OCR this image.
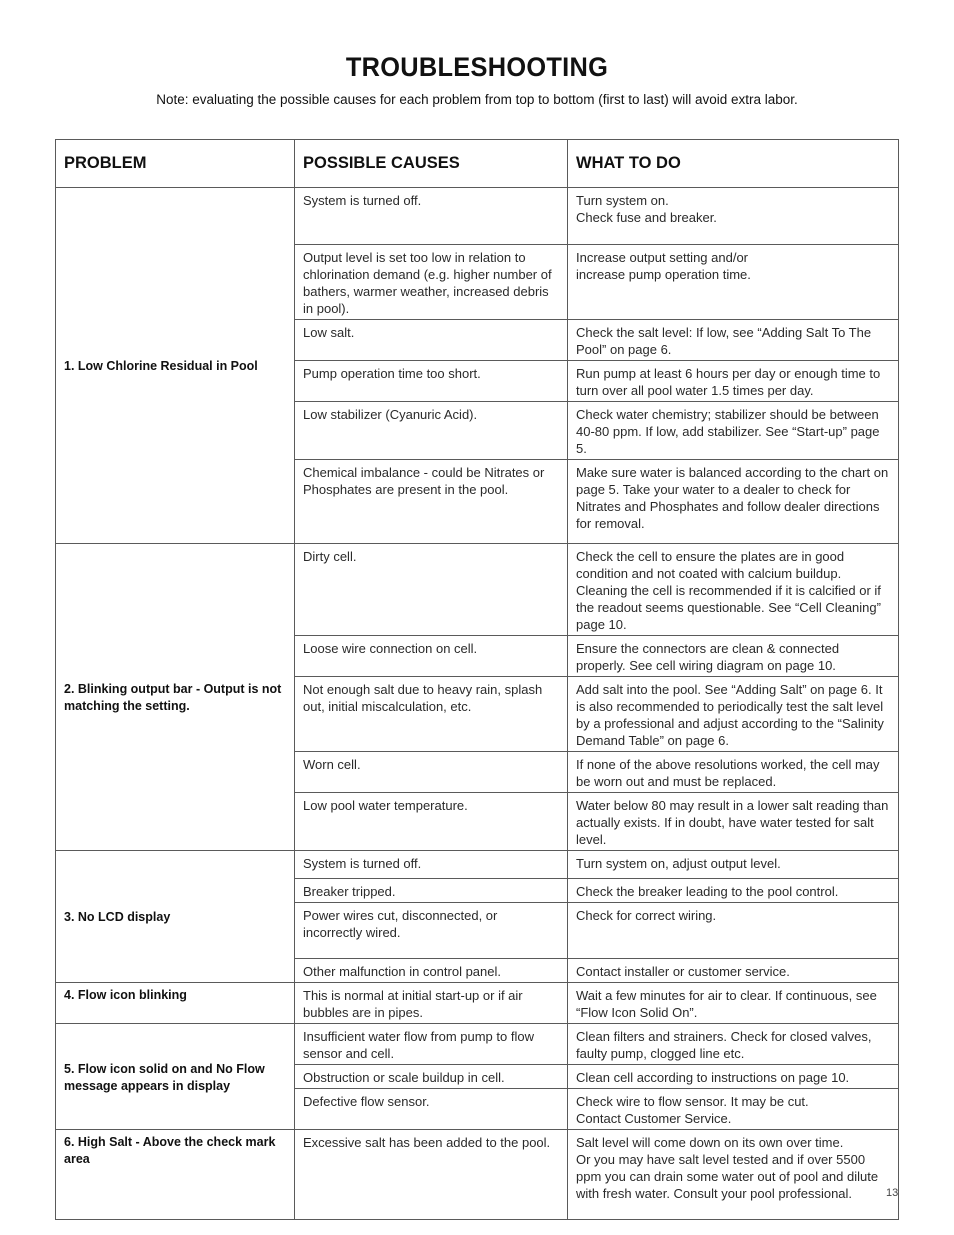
TROUBLESHOOTING
Note: evaluating the possible causes for each problem from top to bottom (first to last) will avoid extra labor.
PROBLEM	POSSIBLE CAUSES	WHAT TO DO
1. Low Chlorine Residual in Pool	System is turned off.	Turn system on.
Check fuse and breaker.

	Output level is set too low in relation to chlorination demand (e.g. higher number of bathers, warmer weather, increased debris in pool).	Increase output setting and/or
increase pump operation time.

	Low salt.	Check the salt level: If low, see “Adding Salt To The Pool” on page 6.

	Pump operation time too short.	Run pump at least 6 hours per day or enough time to turn over all pool water 1.5 times per day.

	Low stabilizer (Cyanuric Acid).	Check water chemistry; stabilizer should be between 40-80 ppm. If low, add stabilizer. See “Start-up” page 5.

	Chemical imbalance - could be Nitrates or Phosphates are present in the pool.	Make sure water is balanced according to the chart on page 5. Take your water to a dealer to check for Nitrates and Phosphates and follow dealer directions for removal.

2. Blinking output bar - Output is not matching the setting.	Dirty cell.	Check the cell to ensure the plates are in good condition and not coated with calcium buildup. Cleaning the cell is recommended if it is calcified or if the readout seems questionable. See “Cell Cleaning” page 10.

	Loose wire connection on cell.	Ensure the connectors are clean & connected properly. See cell wiring diagram on page 10.

	Not enough salt due to heavy rain, splash out, initial miscalculation, etc.	Add salt into the pool. See “Adding Salt” on page 6. It is also recommended to periodically test the salt level by a professional and adjust according to the “Salinity Demand Table” on page 6.

	Worn cell.	If none of the above resolutions worked, the cell may be worn out and must be replaced.

	Low pool water temperature.	Water below 80 may result in a lower salt reading than actually exists. If in doubt, have water tested for salt level.

3. No LCD display	System is turned off.	Turn system on, adjust output level.

	Breaker tripped.	Check the breaker leading to the pool control.

	Power wires cut, disconnected, or incorrectly wired.	Check for correct wiring.

	Other malfunction in control panel.	Contact installer or customer service.

4. Flow icon blinking	This is normal at initial start-up or if air bubbles are in pipes.	Wait a few minutes for air to clear. If continuous, see “Flow Icon Solid On”.

5. Flow icon solid on and No Flow message appears in display	Insufficient water flow from pump to flow sensor and cell.	Clean filters and strainers. Check for closed valves, faulty pump, clogged line etc.

	Obstruction or scale buildup in cell.	Clean cell according to instructions on page 10.

	Defective flow sensor.	Check wire to flow sensor. It may be cut.
Contact Customer Service.

6. High Salt - Above the check mark area	Excessive salt has been added to the pool.	Salt level will come down on its own over time.
Or you may have salt level tested and if over 5500 ppm you can drain some water out of pool and dilute with fresh water. Consult your pool professional.	13
